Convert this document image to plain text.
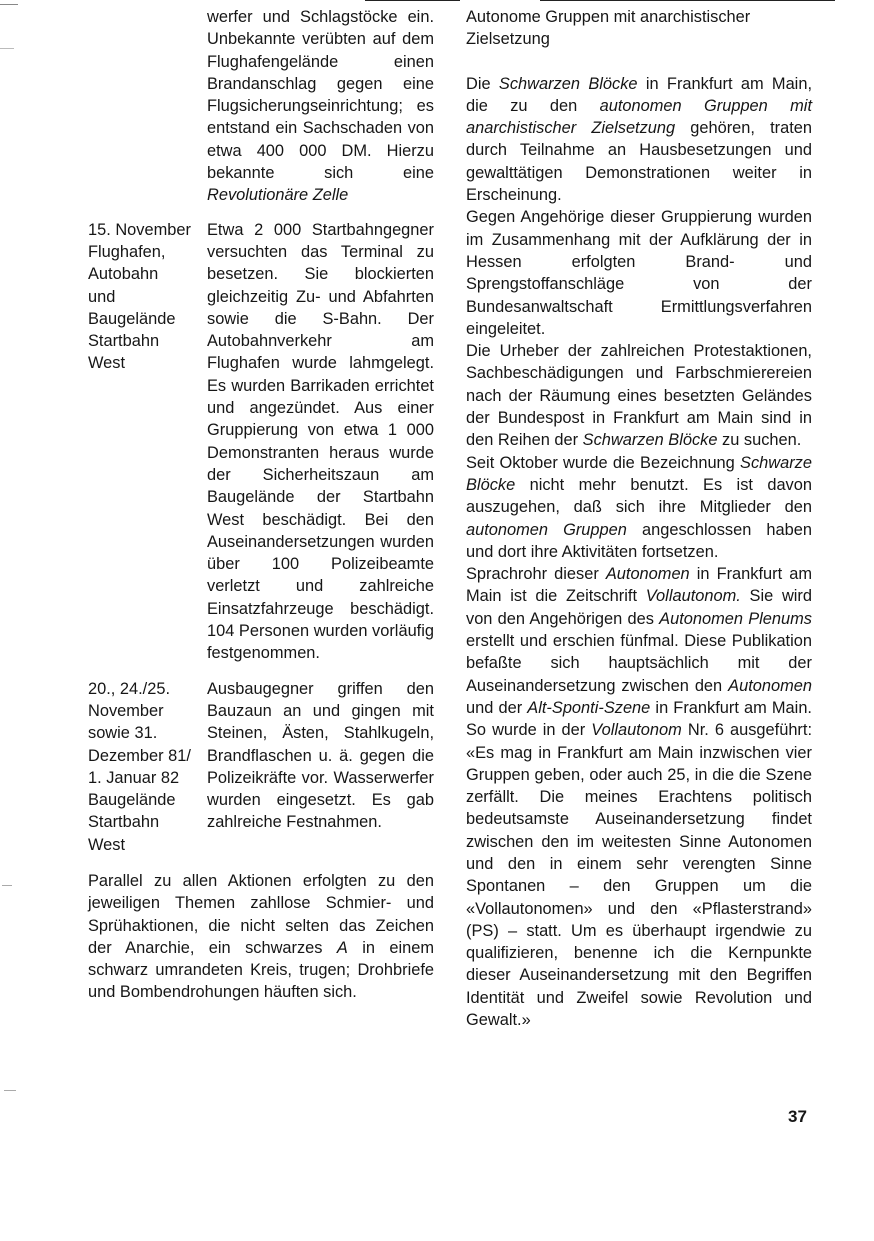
werfer und Schlagstöcke ein. Unbekannte verübten auf dem Flughafengelände einen Brandanschlag gegen eine Flugsicherungseinrichtung; es entstand ein Sachschaden von etwa 400 000 DM. Hierzu bekannte sich eine Revolutionäre Zelle
15. November
Flughafen,
Autobahn
und
Baugelände
Startbahn
West
Etwa 2 000 Startbahngegner versuchten das Terminal zu besetzen. Sie blockierten gleichzeitig Zu- und Abfahrten sowie die S-Bahn. Der Autobahnverkehr am Flughafen wurde lahmgelegt. Es wurden Barrikaden errichtet und angezündet. Aus einer Gruppierung von etwa 1 000 Demonstranten heraus wurde der Sicherheitszaun am Baugelände der Startbahn West beschädigt. Bei den Auseinandersetzungen wurden über 100 Polizeibeamte verletzt und zahlreiche Einsatzfahrzeuge beschädigt. 104 Personen wurden vorläufig festgenommen.
20., 24./25.
November
sowie 31.
Dezember 81/
1. Januar 82
Baugelände
Startbahn
West
Ausbaugegner griffen den Bauzaun an und gingen mit Steinen, Ästen, Stahlkugeln, Brandflaschen u. ä. gegen die Polizeikräfte vor. Wasserwerfer wurden eingesetzt. Es gab zahlreiche Festnahmen.

Parallel zu allen Aktionen erfolgten zu den jeweiligen Themen zahllose Schmier- und Sprühaktionen, die nicht selten das Zeichen der Anarchie, ein schwarzes A in einem schwarz umrandeten Kreis, trugen; Drohbriefe und Bombendrohungen häuften sich.

Autonome Gruppen mit anarchistischer Zielsetzung

Die Schwarzen Blöcke in Frankfurt am Main, die zu den autonomen Gruppen mit anarchistischer Zielsetzung gehören, traten durch Teilnahme an Hausbesetzungen und gewalttätigen Demonstrationen weiter in Erscheinung.

Gegen Angehörige dieser Gruppierung wurden im Zusammenhang mit der Aufklärung der in Hessen erfolgten Brand- und Sprengstoffanschläge von der Bundesanwaltschaft Ermittlungsverfahren eingeleitet.

Die Urheber der zahlreichen Protestaktionen, Sachbeschädigungen und Farbschmierereien nach der Räumung eines besetzten Geländes der Bundespost in Frankfurt am Main sind in den Reihen der Schwarzen Blöcke zu suchen.

Seit Oktober wurde die Bezeichnung Schwarze Blöcke nicht mehr benutzt. Es ist davon auszugehen, daß sich ihre Mitglieder den autonomen Gruppen angeschlossen haben und dort ihre Aktivitäten fortsetzen.

Sprachrohr dieser Autonomen in Frankfurt am Main ist die Zeitschrift Vollautonom. Sie wird von den Angehörigen des Autonomen Plenums erstellt und erschien fünfmal. Diese Publikation befaßte sich hauptsächlich mit der Auseinandersetzung zwischen den Autonomen und der Alt-Sponti-Szene in Frankfurt am Main. So wurde in der Vollautonom Nr. 6 ausgeführt: «Es mag in Frankfurt am Main inzwischen vier Gruppen geben, oder auch 25, in die die Szene zerfällt. Die meines Erachtens politisch bedeutsamste Auseinandersetzung findet zwischen den im weitesten Sinne Autonomen und den in einem sehr verengten Sinne Spontanen – den Gruppen um die «Vollautonomen» und den «Pflasterstrand» (PS) – statt. Um es überhaupt irgendwie zu qualifizieren, benenne ich die Kernpunkte dieser Auseinandersetzung mit den Begriffen Identität und Zweifel sowie Revolution und Gewalt.»

37
